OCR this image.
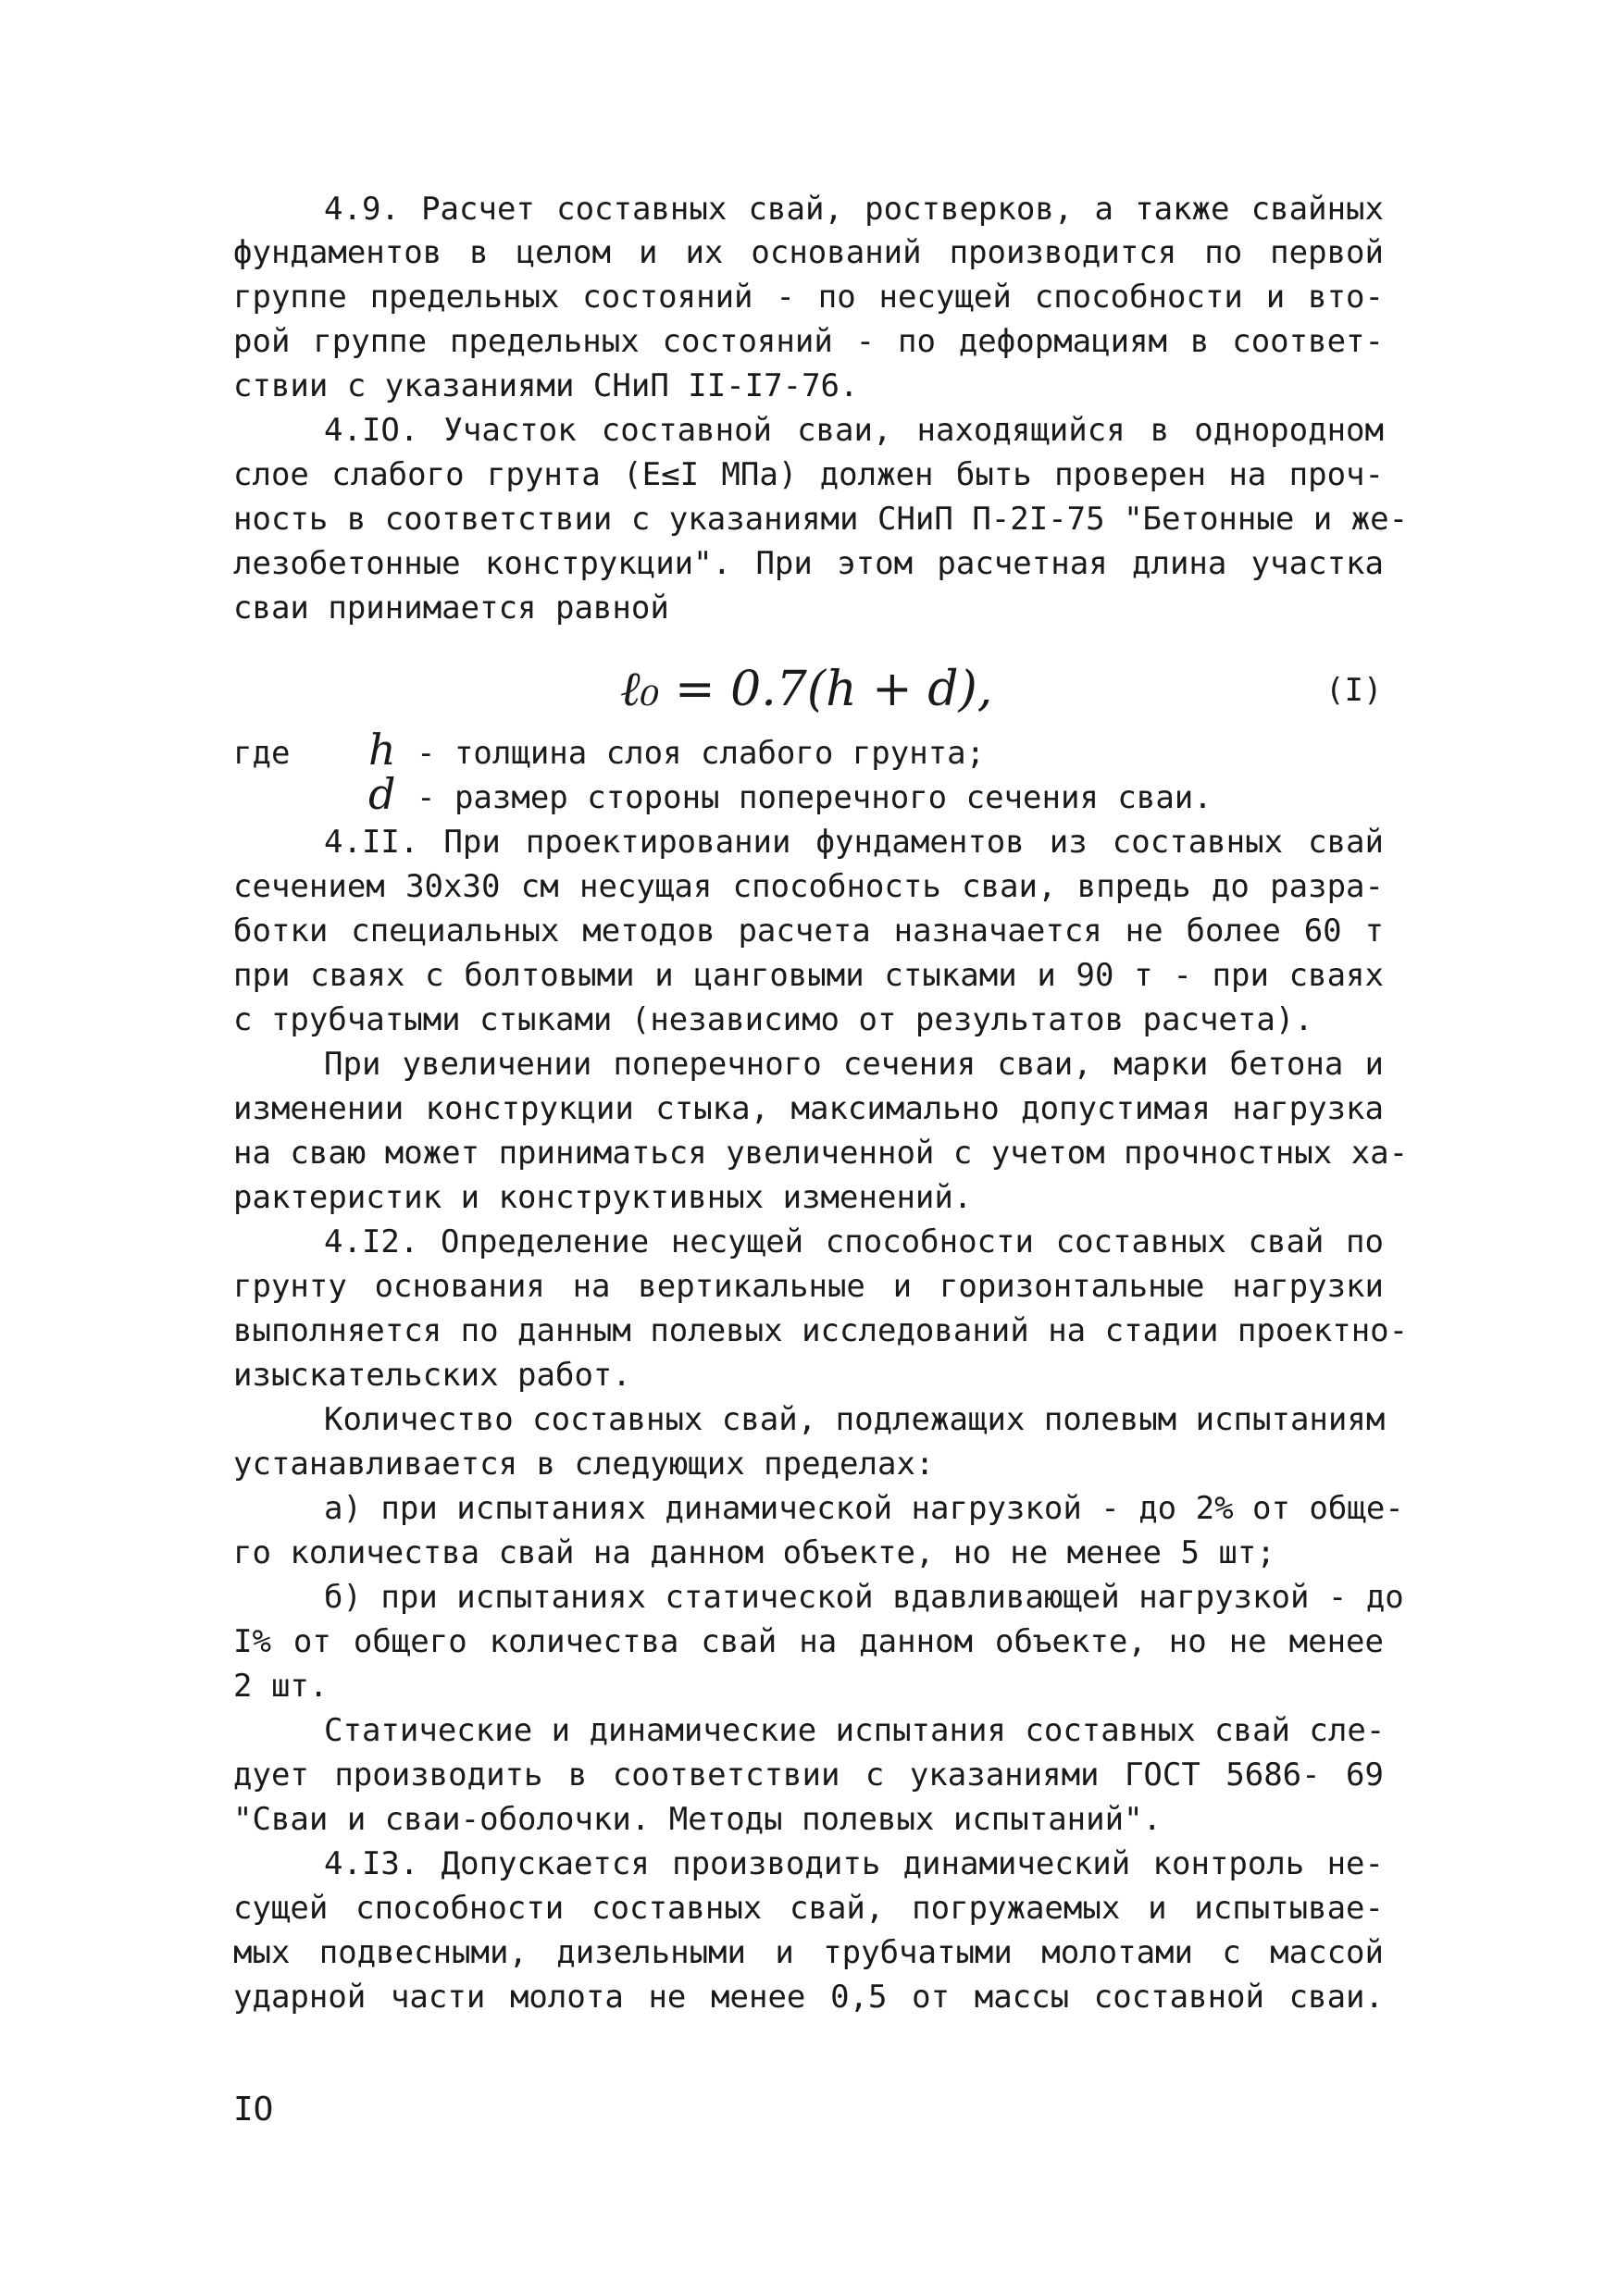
4.9. Расчет составных свай, ростверков, а также свайных
фундаментов в целом и их оснований производится по первой
группе предельных состояний - по несущей способности и вто-
рой группе предельных состояний - по деформациям в соответ-
ствии с указаниями СНиП II-I7-76.
4.IO. Участок составной сваи, находящийся в однородном
слое слабого грунта (Е≤I МПа) должен быть проверен на проч-
ность в соответствии с указаниями СНиП П-2I-75 "Бетонные и же-
лезобетонные конструкции". При этом расчетная длина участка
сваи принимается равной
ℓ₀ = 0.7(h + d),	(I)
где h - толщина слоя слабого грунта;
d - размер стороны поперечного сечения сваи.
4.II. При проектировании фундаментов из составных свай
сечением 30х30 см несущая способность сваи, впредь до разра-
ботки специальных методов расчета назначается не более 60 т
при сваях с болтовыми и цанговыми стыками и 90 т - при сваях
с трубчатыми стыками (независимо от результатов расчета).
При увеличении поперечного сечения сваи, марки бетона и
изменении конструкции стыка, максимально допустимая нагрузка
на сваю может приниматься увеличенной с учетом прочностных ха-
рактеристик и конструктивных изменений.
4.I2. Определение несущей способности составных свай по
грунту основания на вертикальные и горизонтальные нагрузки
выполняется по данным полевых исследований на стадии проектно-
изыскательских работ.
Количество составных свай, подлежащих полевым испытаниям
устанавливается в следующих пределах:
а) при испытаниях динамической нагрузкой - до 2% от обще-
го количества свай на данном объекте, но не менее 5 шт;
б) при испытаниях статической вдавливающей нагрузкой - до
I% от общего количества свай на данном объекте, но не менее
2 шт.
Статические и динамические испытания составных свай сле-
дует производить в соответствии с указаниями ГОСТ 5686- 69
"Сваи и сваи-оболочки. Методы полевых испытаний".
4.I3. Допускается производить динамический контроль не-
сущей способности составных свай, погружаемых и испытывае-
мых подвесными, дизельными и трубчатыми молотами с массой
ударной части молота не менее 0,5 от массы составной сваи.
IO
